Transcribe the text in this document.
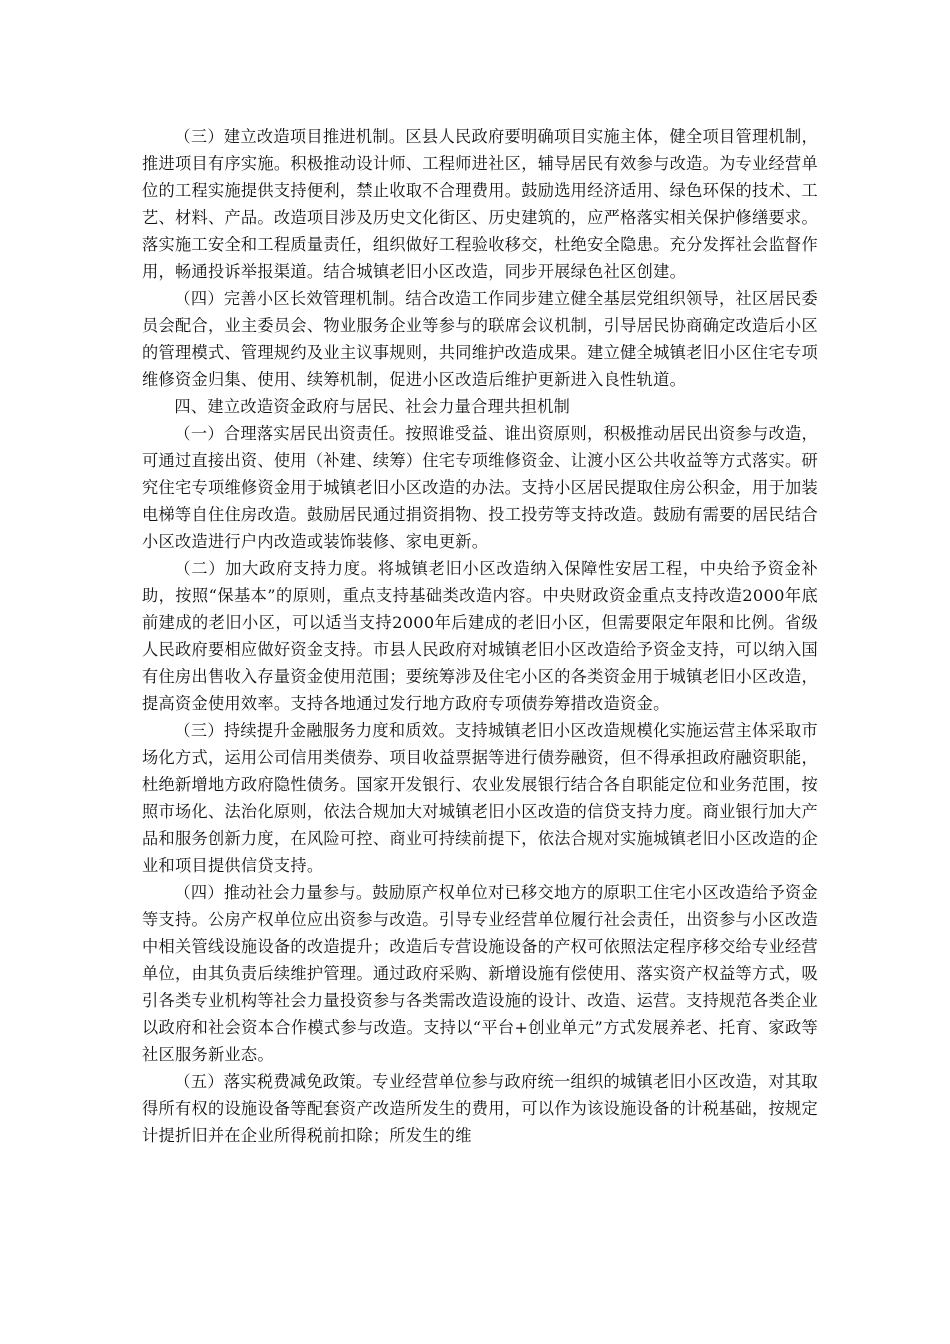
（三）建立改造项目推进机制。区县人民政府要明确项目实施主体，健全项目管理机制，推进项目有序实施。积极推动设计师、工程师进社区，辅导居民有效参与改造。为专业经营单位的工程实施提供支持便利，禁止收取不合理费用。鼓励选用经济适用、绿色环保的技术、工艺、材料、产品。改造项目涉及历史文化街区、历史建筑的，应严格落实相关保护修缮要求。落实施工安全和工程质量责任，组织做好工程验收移交，杜绝安全隐患。充分发挥社会监督作用，畅通投诉举报渠道。结合城镇老旧小区改造，同步开展绿色社区创建。

（四）完善小区长效管理机制。结合改造工作同步建立健全基层党组织领导，社区居民委员会配合，业主委员会、物业服务企业等参与的联席会议机制，引导居民协商确定改造后小区的管理模式、管理规约及业主议事规则，共同维护改造成果。建立健全城镇老旧小区住宅专项维修资金归集、使用、续筹机制，促进小区改造后维护更新进入良性轨道。

四、建立改造资金政府与居民、社会力量合理共担机制

（一）合理落实居民出资责任。按照谁受益、谁出资原则，积极推动居民出资参与改造，可通过直接出资、使用（补建、续筹）住宅专项维修资金、让渡小区公共收益等方式落实。研究住宅专项维修资金用于城镇老旧小区改造的办法。支持小区居民提取住房公积金，用于加装电梯等自住住房改造。鼓励居民通过捐资捐物、投工投劳等支持改造。鼓励有需要的居民结合小区改造进行户内改造或装饰装修、家电更新。

（二）加大政府支持力度。将城镇老旧小区改造纳入保障性安居工程，中央给予资金补助，按照“保基本”的原则，重点支持基础类改造内容。中央财政资金重点支持改造2000年底前建成的老旧小区，可以适当支持2000年后建成的老旧小区，但需要限定年限和比例。省级人民政府要相应做好资金支持。市县人民政府对城镇老旧小区改造给予资金支持，可以纳入国有住房出售收入存量资金使用范围；要统筹涉及住宅小区的各类资金用于城镇老旧小区改造，提高资金使用效率。支持各地通过发行地方政府专项债券筹措改造资金。

（三）持续提升金融服务力度和质效。支持城镇老旧小区改造规模化实施运营主体采取市场化方式，运用公司信用类债券、项目收益票据等进行债券融资，但不得承担政府融资职能，杜绝新增地方政府隐性债务。国家开发银行、农业发展银行结合各自职能定位和业务范围，按照市场化、法治化原则，依法合规加大对城镇老旧小区改造的信贷支持力度。商业银行加大产品和服务创新力度，在风险可控、商业可持续前提下，依法合规对实施城镇老旧小区改造的企业和项目提供信贷支持。

（四）推动社会力量参与。鼓励原产权单位对已移交地方的原职工住宅小区改造给予资金等支持。公房产权单位应出资参与改造。引导专业经营单位履行社会责任，出资参与小区改造中相关管线设施设备的改造提升；改造后专营设施设备的产权可依照法定程序移交给专业经营单位，由其负责后续维护管理。通过政府采购、新增设施有偿使用、落实资产权益等方式，吸引各类专业机构等社会力量投资参与各类需改造设施的设计、改造、运营。支持规范各类企业以政府和社会资本合作模式参与改造。支持以“平台+创业单元”方式发展养老、托育、家政等社区服务新业态。

（五）落实税费减免政策。专业经营单位参与政府统一组织的城镇老旧小区改造，对其取得所有权的设施设备等配套资产改造所发生的费用，可以作为该设施设备的计税基础，按规定计提折旧并在企业所得税前扣除；所发生的维
